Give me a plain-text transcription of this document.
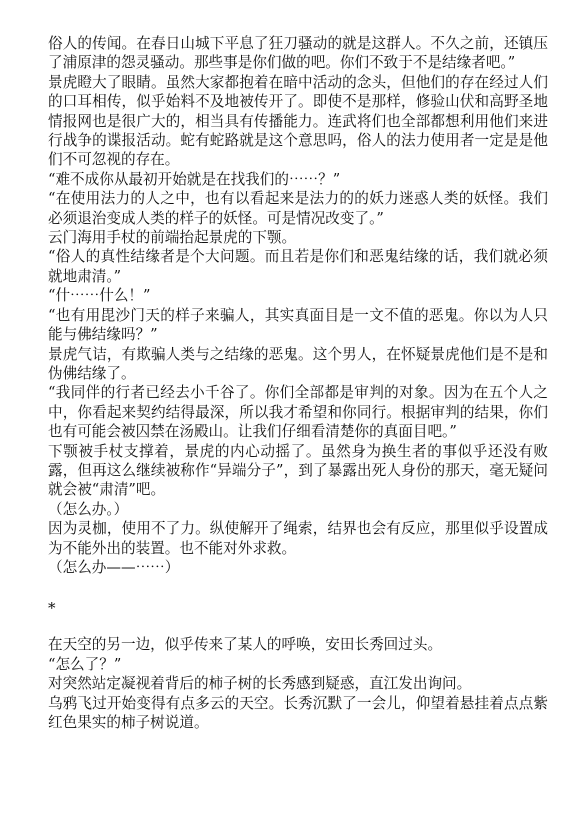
俗人的传闻。在春日山城下平息了狂刀骚动的就是这群人。不久之前，还镇压了浦原津的怨灵骚动。那些事是你们做的吧。你们不致于不是结缘者吧。”

景虎瞪大了眼睛。虽然大家都抱着在暗中活动的念头，但他们的存在经过人们的口耳相传，似乎始料不及地被传开了。即使不是那样，修验山伏和高野圣地情报网也是很广大的，相当具有传播能力。连武将们也全部都想利用他们来进行战争的谍报活动。蛇有蛇路就是这个意思吗，俗人的法力使用者一定是是他们不可忽视的存在。

“难不成你从最初开始就是在找我们的⋯⋯？”

“在使用法力的人之中，也有以看起来是法力的的妖力迷惑人类的妖怪。我们必须退治变成人类的样子的妖怪。可是情况改变了。”

云门海用手杖的前端抬起景虎的下颚。

“俗人的真性结缘者是个大问题。而且若是你们和恶鬼结缘的话，我们就必须就地肃清。”

“什⋯⋯什么！”

“也有用毘沙门天的样子来骗人，其实真面目是一文不值的恶鬼。你以为人只能与佛结缘吗？”

景虎气诘，有欺骗人类与之结缘的恶鬼。这个男人，在怀疑景虎他们是不是和伪佛结缘了。

“我同伴的行者已经去小千谷了。你们全部都是审判的对象。因为在五个人之中，你看起来契约结得最深，所以我才希望和你同行。根据审判的结果，你们也有可能会被囚禁在汤殿山。让我们仔细看清楚你的真面目吧。”

下颚被手杖支撑着，景虎的内心动摇了。虽然身为换生者的事似乎还没有败露，但再这么继续被称作“异端分子”，到了暴露出死人身份的那天，毫无疑问就会被“肃清”吧。

（怎么办。）

因为灵枷，使用不了力。纵使解开了绳索，结界也会有反应，那里似乎设置成为不能外出的装置。也不能对外求救。

（怎么办——⋯⋯）

*

在天空的另一边，似乎传来了某人的呼唤，安田长秀回过头。

“怎么了？”

对突然站定凝视着背后的柿子树的长秀感到疑惑，直江发出询问。

乌鸦飞过开始变得有点多云的天空。长秀沉默了一会儿，仰望着悬挂着点点紫红色果实的柿子树说道。
